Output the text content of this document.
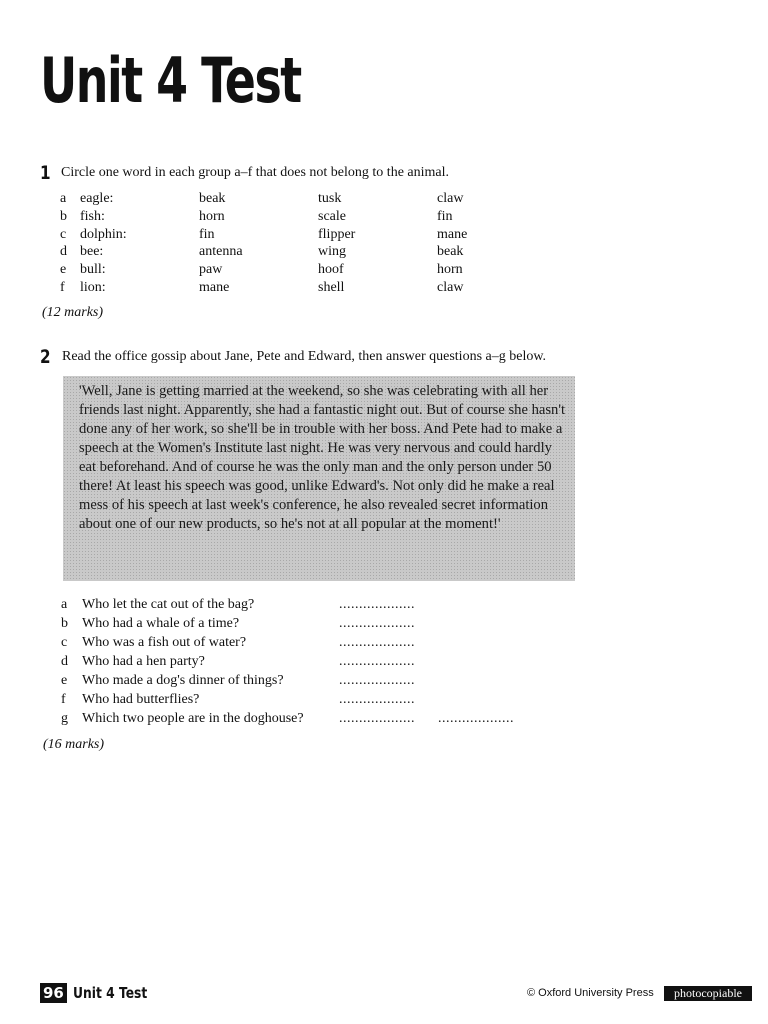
Unit 4 Test
1 Circle one word in each group a–f that does not belong to the animal.
a eagle:	beak	tusk	claw
b fish:	horn	scale	fin
c dolphin:	fin	flipper	mane
d bee:	antenna	wing	beak
e bull:	paw	hoof	horn
f lion:	mane	shell	claw
(12 marks)
2 Read the office gossip about Jane, Pete and Edward, then answer questions a–g below.

'Well, Jane is getting married at the weekend, so she was celebrating with all her friends last night. Apparently, she had a fantastic night out. But of course she hasn't done any of her work, so she'll be in trouble with her boss. And Pete had to make a speech at the Women's Institute last night. He was very nervous and could hardly eat beforehand. And of course he was the only man and the only person under 50 there! At least his speech was good, unlike Edward's. Not only did he make a real mess of his speech at last week's conference, he also revealed secret information about one of our new products, so he's not at all popular at the moment!'

a Who let the cat out of the bag?	...................
b Who had a whale of a time?	...................
c Who was a fish out of water?	...................
d Who had a hen party?	...................
e Who made a dog's dinner of things?	...................
f Who had butterflies?	...................
g Which two people are in the doghouse?	................... ...................
(16 marks)
96 Unit 4 Test	© Oxford University Press	photocopiable
